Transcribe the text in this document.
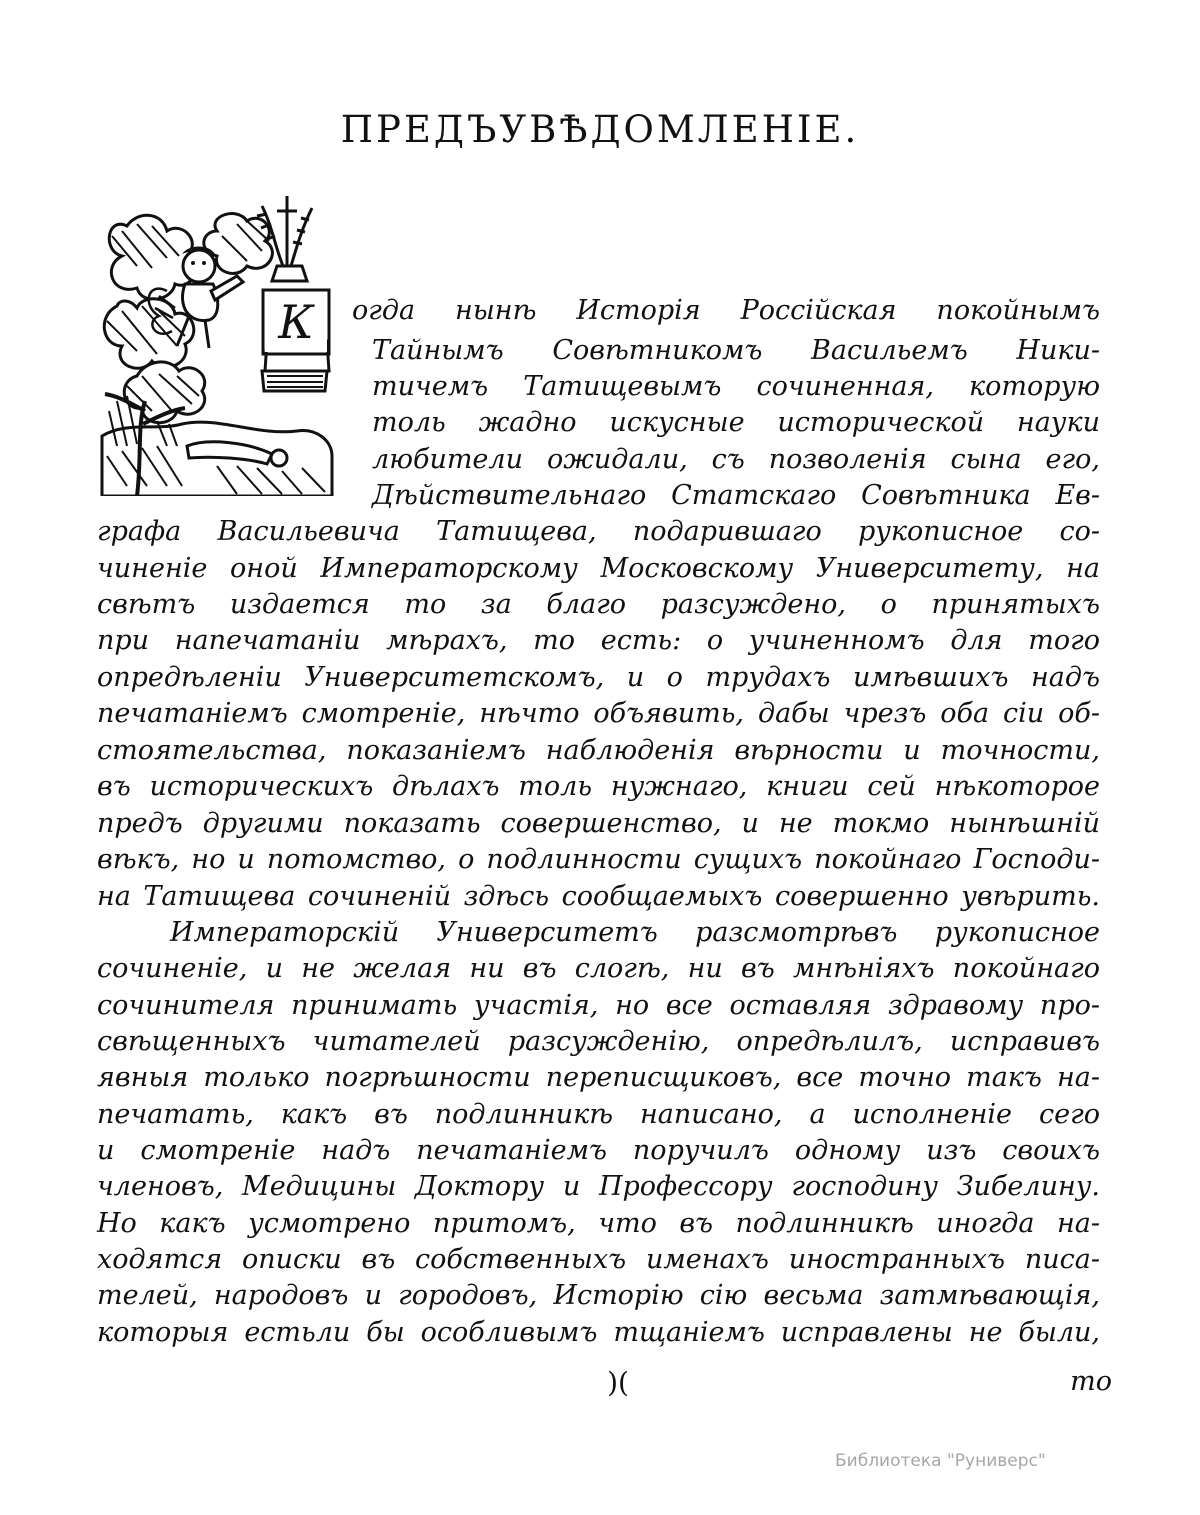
ПРЕДЪУВѢДОМЛЕНІЕ.
К	огда нынѣ Исторія Россійская покойнымъ
Тайнымъ Совѣтникомъ Васильемъ Ники-
тичемъ Татищевымъ сочиненная, которую
толь жадно искусные исторической науки
любители ожидали, съ позволенія сына его,
Дѣйствительнаго Статскаго Совѣтника Ев-
графа Васильевича Татищева, подарившаго рукописное со-
чиненіе оной Императорскому Московскому Университету, на
свѣтъ издается то за благо разсуждено, о принятыхъ
при напечатаніи мѣрахъ, то есть: о учиненномъ для того
опредѣленіи Университетскомъ, и о трудахъ имѣвшихъ надъ
печатаніемъ смотреніе, нѣчто объявить, дабы чрезъ оба сіи об-
стоятельства, показаніемъ наблюденія вѣрности и точности,
въ историческихъ дѣлахъ толь нужнаго, книги сей нѣкоторое
предъ другими показать совершенство, и не токмо нынѣшній
вѣкъ, но и потомство, о подлинности сущихъ покойнаго Господи-
на Татищева сочиненій здѣсь сообщаемыхъ совершенно увѣрить.
Императорскій Университетъ разсмотрѣвъ рукописное
сочиненіе, и не желая ни въ слогѣ, ни въ мнѣніяхъ покойнаго
сочинителя принимать участія, но все оставляя здравому про-
свѣщенныхъ читателей разсужденію, опредѣлилъ, исправивъ
явныя только погрѣшности переписщиковъ, все точно такъ на-
печатать, какъ въ подлинникѣ написано, а исполненіе сего
и смотреніе надъ печатаніемъ поручилъ одному изъ своихъ
членовъ, Медицины Доктору и Профессору господину Зибелину.
Но какъ усмотрено притомъ, что въ подлинникѣ иногда на-
ходятся описки въ собственныхъ именахъ иностранныхъ писа-
телей, народовъ и городовъ, Исторію сію весьма затмѣвающія,
которыя естьли бы особливымъ тщаніемъ исправлены не были,
)(	то
Библиотека "Руниверс"
